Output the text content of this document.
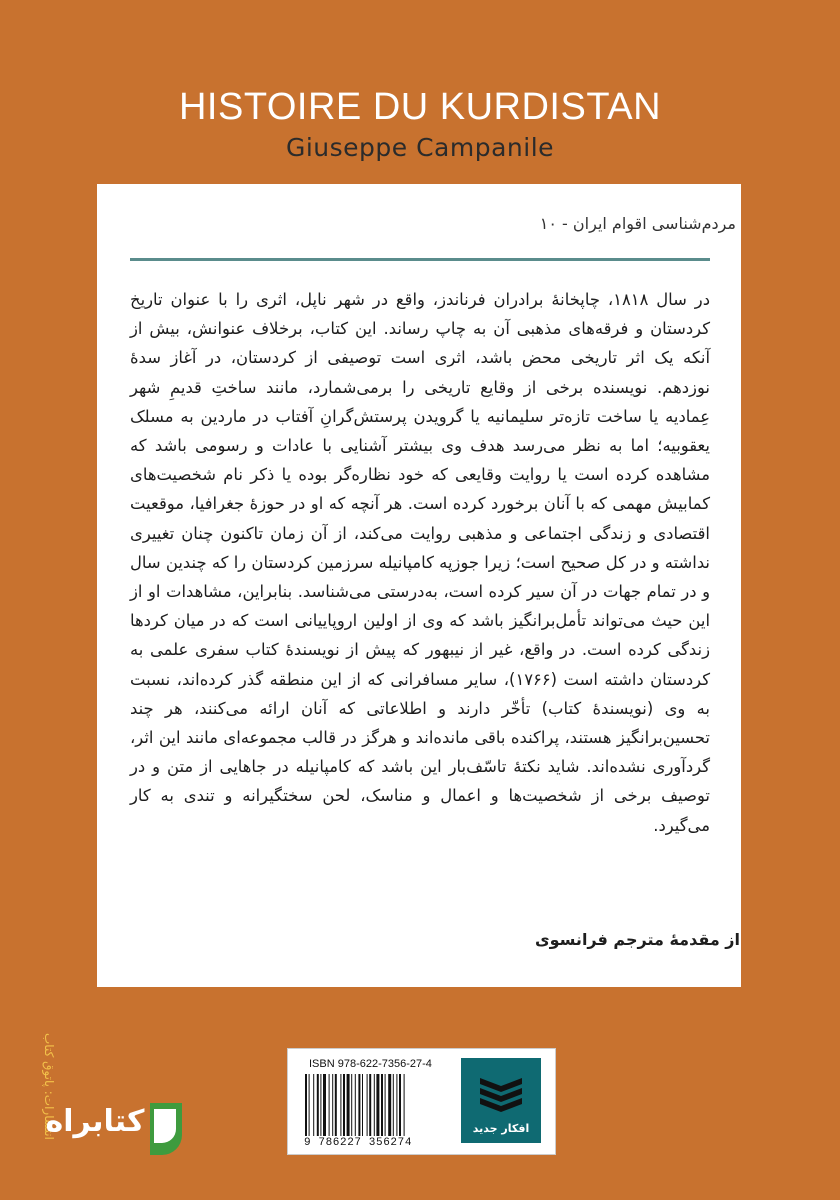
HISTOIRE DU KURDISTAN
Giuseppe Campanile
مردم‌شناسی اقوام ایران - ۱۰

در سال ۱۸۱۸، چاپخانهٔ برادران فرناندز، واقع در شهر ناپل، اثری را با عنوان تاریخ کردستان و فرقه‌های مذهبی آن به چاپ رساند. این کتاب، برخلاف عنوانش، بیش از آنکه یک اثر تاریخی محض باشد، اثری است توصیفی از کردستان، در آغاز سدهٔ نوزدهم. نویسنده برخی از وقایع تاریخی را برمی‌شمارد، مانند ساختِ قدیمِ شهر عِمادیه یا ساخت تازه‌تر سلیمانیه یا گرویدن پرستش‌گرانِ آفتاب در ماردین به مسلک یعقوبیه؛ اما به نظر می‌رسد هدف وی بیشتر آشنایی با عادات و رسومی باشد که مشاهده کرده است یا روایت وقایعی که خود نظاره‌گر بوده یا ذکر نام شخصیت‌های کمابیش مهمی که با آنان برخورد کرده است. هر آنچه که او در حوزهٔ جغرافیا، موقعیت اقتصادی و زندگی اجتماعی و مذهبی روایت می‌کند، از آن زمان تاکنون چنان تغییری نداشته و در کل صحیح است؛ زیرا جوزپه کامپانیله سرزمین کردستان را که چندین سال و در تمام جهات در آن سیر کرده است، به‌درستی می‌شناسد. بنابراین، مشاهدات او از این حیث می‌تواند تأمل‌برانگیز باشد که وی از اولین اروپاییانی است که در میان کردها زندگی کرده است. در واقع، غیر از نیبهور که پیش از نویسندهٔ کتاب سفری علمی به کردستان داشته است (۱۷۶۶)، سایر مسافرانی که از این منطقه گذر کرده‌اند، نسبت به وی (نویسندهٔ کتاب) تأخّر دارند و اطلاعاتی که آنان ارائه می‌کنند، هر چند تحسین‌برانگیز هستند، پراکنده باقی مانده‌اند و هرگز در قالب مجموعه‌ای مانند این اثر، گردآوری نشده‌اند. شاید نکتهٔ تاسّف‌بار این باشد که کامپانیله در جاهایی از متن و در توصیف برخی از شخصیت‌ها و اعمال و مناسک، لحن سختگیرانه و تندی به کار می‌گیرد.

از مقدمهٔ مترجم فرانسوی
انتشارات: پاتوق کتاب
کتابراه
ISBN 978-622-7356-27-4
9 786227 356274
افکار جدید
